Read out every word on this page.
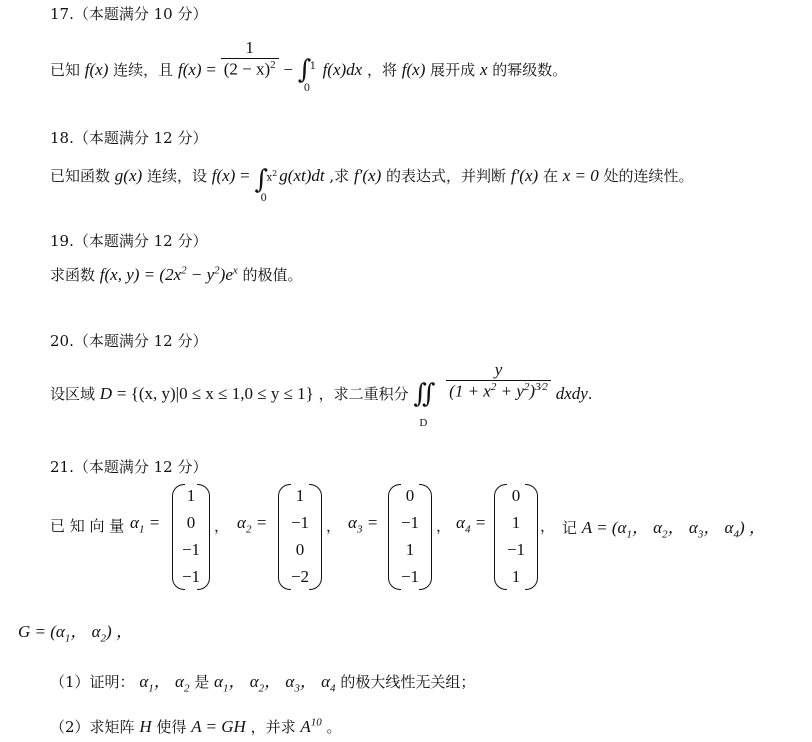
17.（本题满分 10 分）
已知 f(x) 连续，且 $f(x) = \frac{1}{(2 - x)^2}$ − ∫
1
0
f(x)dx ，将 f(x) 展开成 x 的幂级数。
18.（本题满分 12 分）
已知函数 g(x) 连续，设 f(x) = ∫
$x^2$
0
g(xt)dt ,求 f′(x) 的表达式，并判断 f′(x) 在 x = 0 处的连续性。
19.（本题满分 12 分）
求函数 f(x, $y) = (2x^2 - y^2)e^x$ 的极值。
20.（本题满分 12 分）
设区域 D = {(x, y)|0 ≤ x ≤ 1,0 ≤ y ≤ 1} ，求二重积分 ∬
D

$\frac{y}{(1 + x^2 + y^2)^{3⁄2}}$ dxdy.
21.（本题满分 12 分）
已 知 向 量 $\alpha_1$ =
1
0
−1
−1
， $\alpha_2$ =
1
−1
0
−2
， $\alpha_3$ =
0
−1
1
−1
， $\alpha_4$ =
0
1
−1
1
， 记 $A = (\alpha_1$， $\alpha_2$， $\alpha_3$， $\alpha_4$) ，
$G = (\alpha_1$， $\alpha_2$) ，
（1）证明： $\alpha_1$， $\alpha_2$ 是 $\alpha_1$， $\alpha_2$， $\alpha_3$， $\alpha_4$ 的极大线性无关组；
（2）求矩阵 H 使得 A = GH ，并求 $A^{10}$ 。
